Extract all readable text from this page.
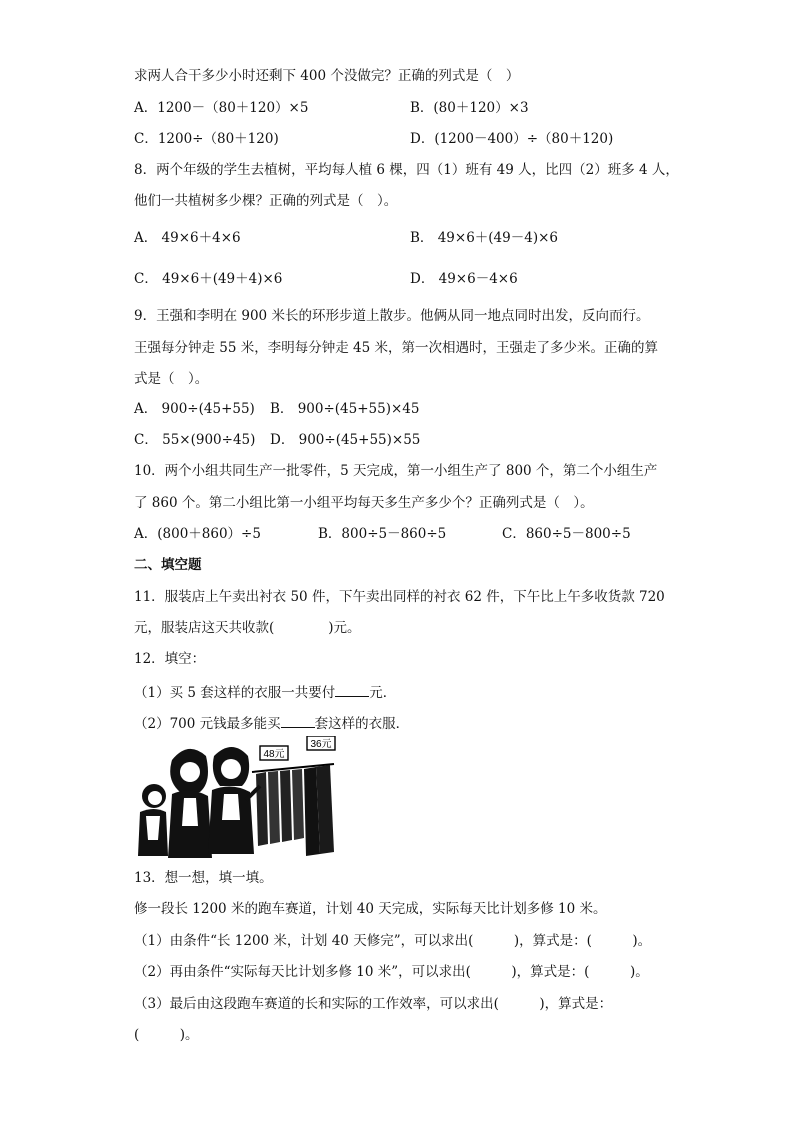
求两人合干多少小时还剩下 400 个没做完？正确的列式是（　）
A．1200－（80＋120）×5	B．(80＋120）×3
C．1200÷（80＋120)	D．(1200－400）÷（80＋120)
8．两个年级的学生去植树，平均每人植 6 棵，四（1）班有 49 人，比四（2）班多 4 人，
他们一共植树多少棵？正确的列式是（　）。
A． 49×6＋4×6	B． 49×6＋(49－4)×6
C． 49×6＋(49＋4)×6	D． 49×6－4×6
9．王强和李明在 900 米长的环形步道上散步。他俩从同一地点同时出发，反向而行。
王强每分钟走 55 米，李明每分钟走 45 米，第一次相遇时，王强走了多少米。正确的算
式是（　）。
A． 900÷(45+55) B． 900÷(45+55)×45
C． 55×(900÷45) D． 900÷(45+55)×55
10．两个小组共同生产一批零件，5 天完成，第一小组生产了 800 个，第二个小组生产
了 860 个。第二小组比第一小组平均每天多生产多少个？正确列式是（　）。
A．(800＋860）÷5	B．800÷5－860÷5	C．860÷5－800÷5
二、填空题
11．服装店上午卖出衬衣 50 件，下午卖出同样的衬衣 62 件，下午比上午多收货款 720
元，服装店这天共收款(　　　　)元。
12．填空：
（1）买 5 套这样的衣服一共要付	元．
（2）700 元钱最多能买	套这样的衣服．
48元
36元
13．想一想，填一填。
修一段长 1200 米的跑车赛道，计划 40 天完成，实际每天比计划多修 10 米。
（1）由条件“长 1200 米，计划 40 天修完”，可以求出(　　　)，算式是：(　　　)。
（2）再由条件“实际每天比计划多修 10 米”，可以求出(　　　)，算式是：(　　　)。
（3）最后由这段跑车赛道的长和实际的工作效率，可以求出(　　　)，算式是：
(　　　)。
